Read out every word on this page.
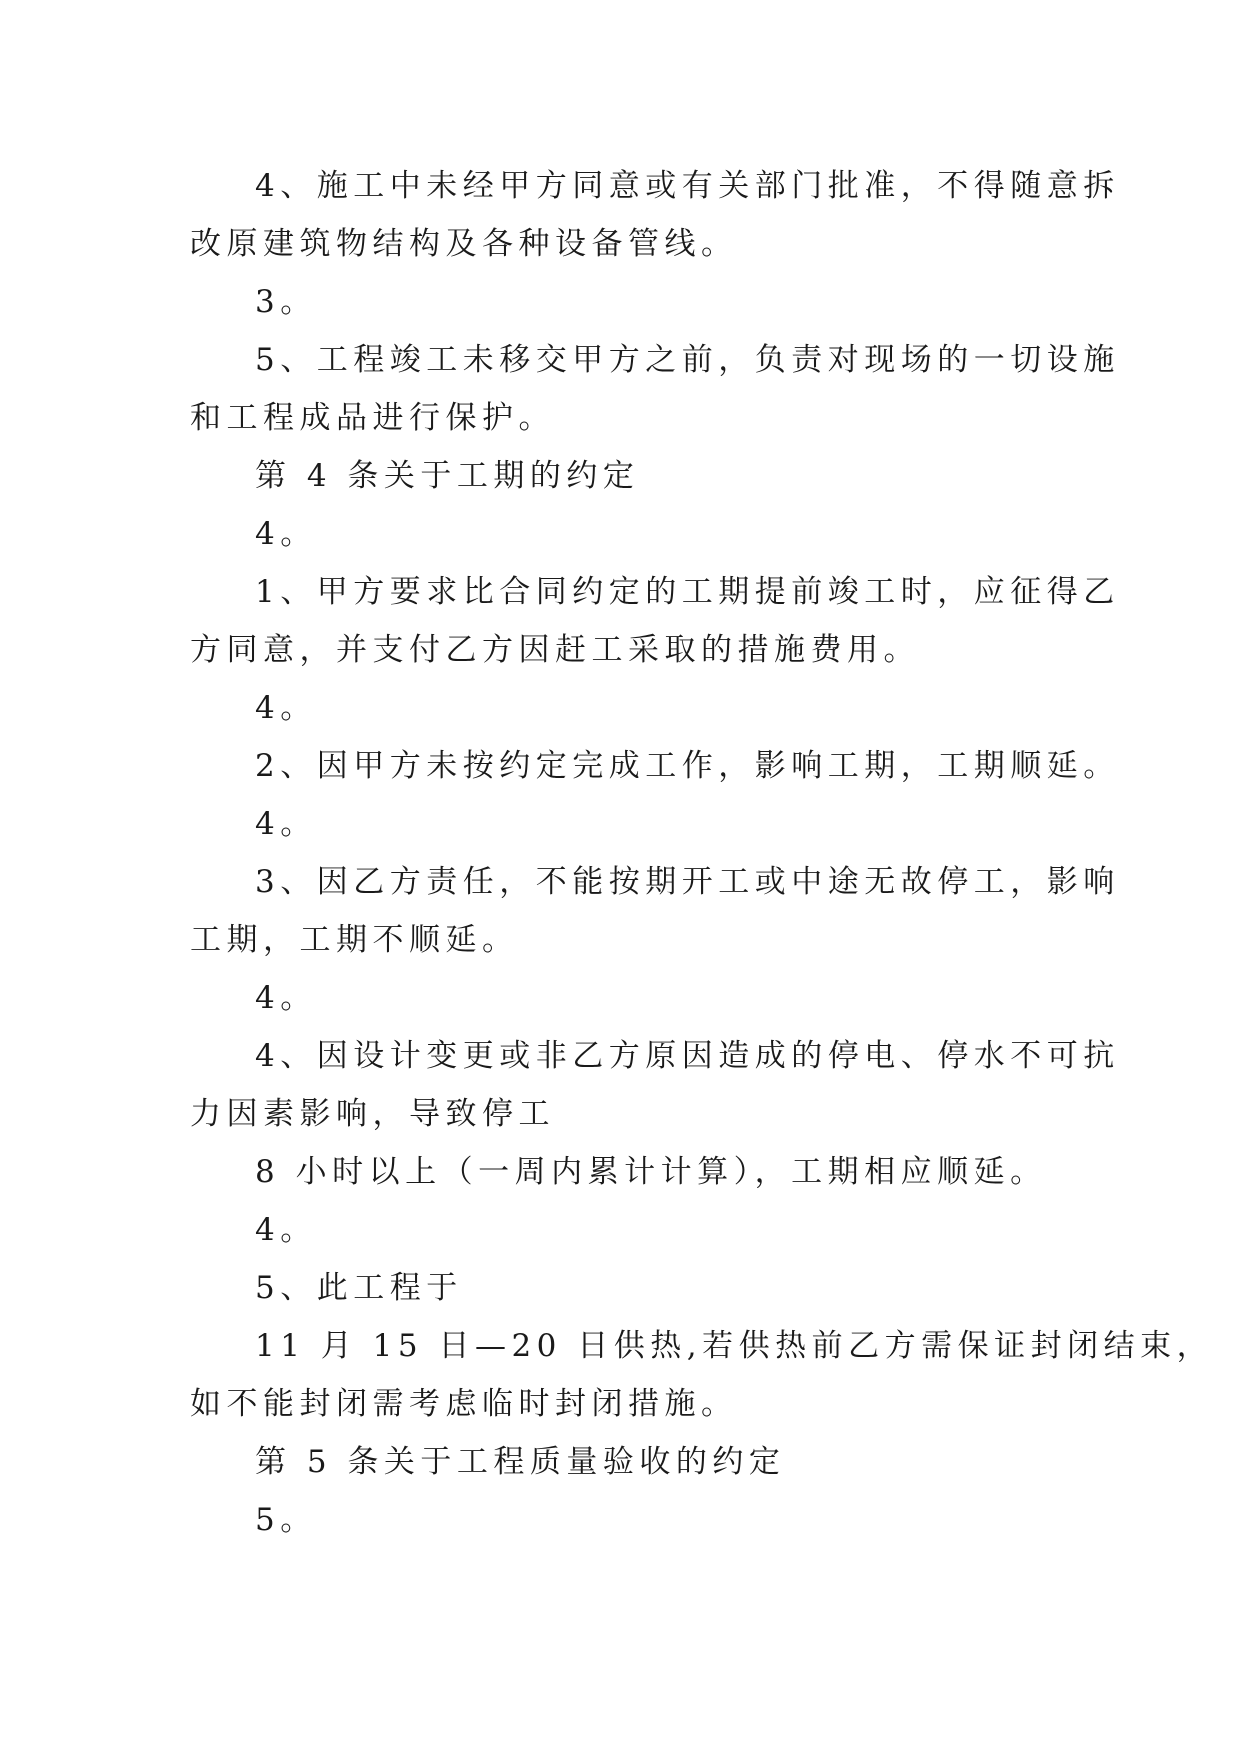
4、施工中未经甲方同意或有关部门批准，不得随意拆
改原建筑物结构及各种设备管线。
3。
5、工程竣工未移交甲方之前，负责对现场的一切设施
和工程成品进行保护。
第 4 条关于工期的约定
4。
1、甲方要求比合同约定的工期提前竣工时，应征得乙
方同意，并支付乙方因赶工采取的措施费用。
4。
2、因甲方未按约定完成工作，影响工期，工期顺延。
4。
3、因乙方责任，不能按期开工或中途无故停工，影响
工期，工期不顺延。
4。
4、因设计变更或非乙方原因造成的停电、停水不可抗
力因素影响，导致停工
8 小时以上（一周内累计计算），工期相应顺延。
4。
5、此工程于
11 月 15 日—20 日供热,若供热前乙方需保证封闭结束，
如不能封闭需考虑临时封闭措施。
第 5 条关于工程质量验收的约定
5。
